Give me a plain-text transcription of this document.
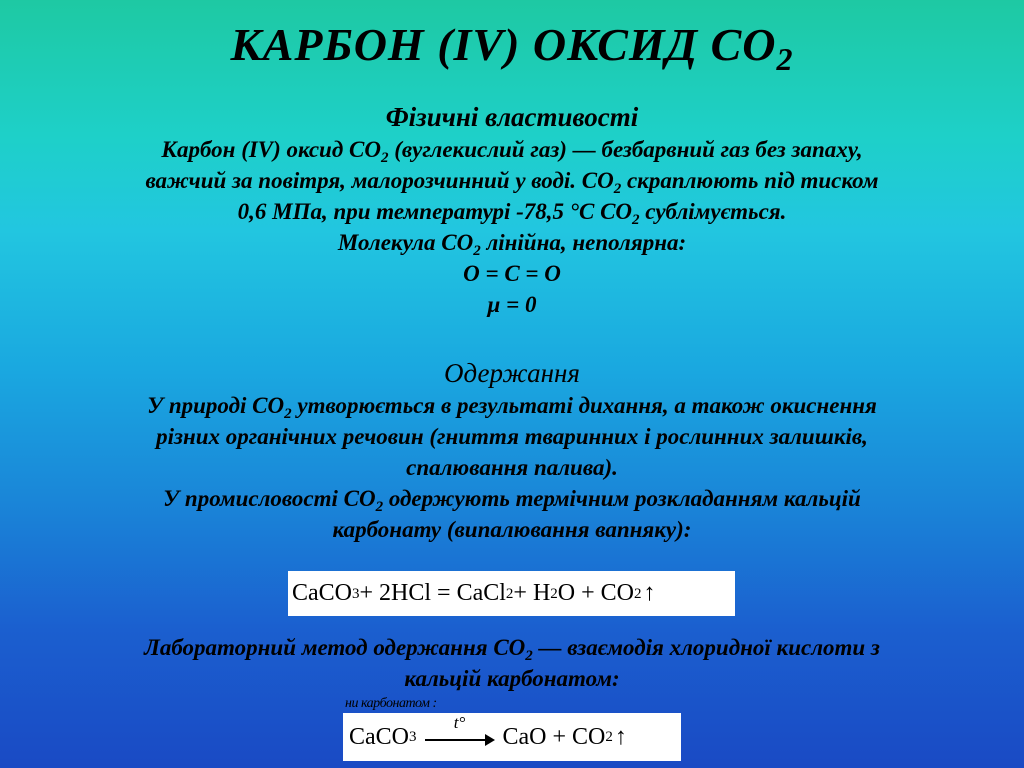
КАРБОН (IV) ОКСИД $СО_2$
Фізичні властивості
Карбон (IV) оксид $СО_2$ (вуглекислий газ) — безбарвний газ без запаху,
важчий за повітря, малорозчинний у воді. $СО_2$ скраплюють під тиском
0,6 МПа, при температурі -78,5 °С $СО_2$ сублімується.
Молекула $СО_2$ лінійна, неполярна:
О = С = О
μ = 0
Одержання
У природі $СО_2$ утворюється в результаті дихання, а також окиснення
різних органічних речовин (гниття тваринних і рослинних залишків,
спалювання палива).
У промисловості $СО_2$ одержують термічним розкладанням кальцій
карбонату (випалювання вапняку):
CaCO 3 + 2HCl = CaCl 2 + H 2 O + CO 2 ↑
Лабораторний метод одержання $СО_2$ — взаємодія хлоридної кислоти з
кальцій карбонатом:
ни карбонатом :
CaCO 3
t°
CaO + CO 2 ↑
